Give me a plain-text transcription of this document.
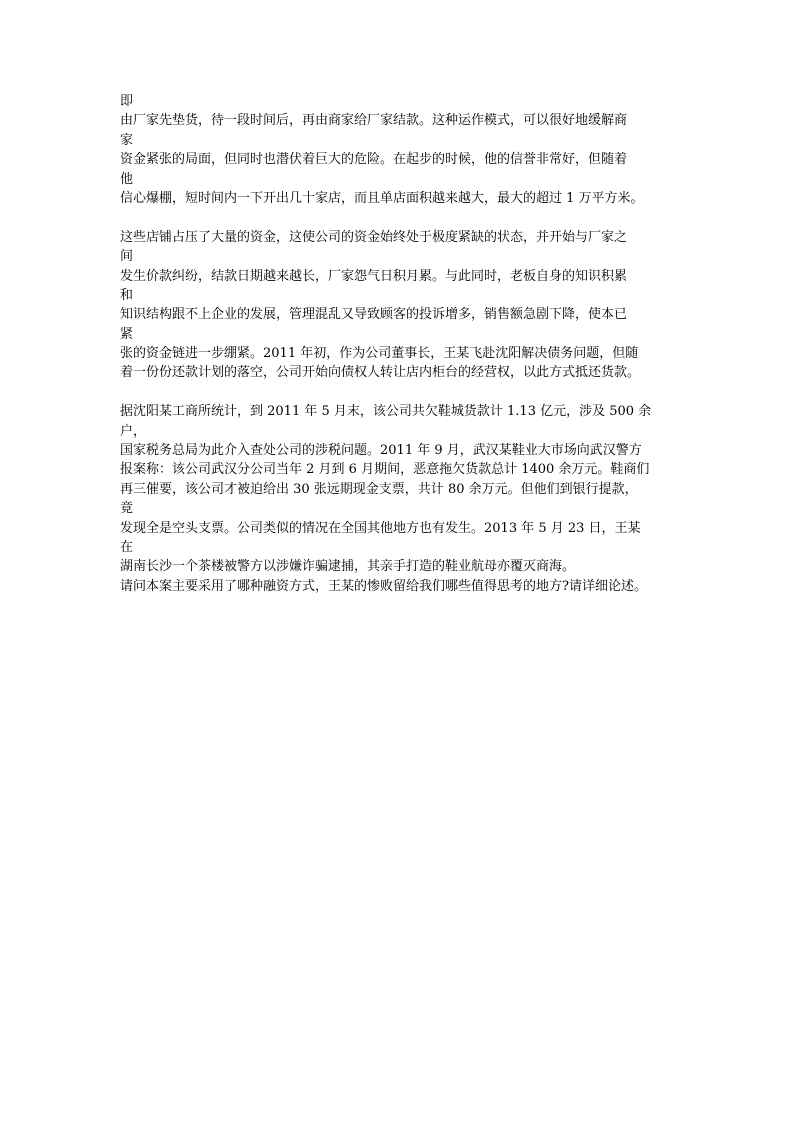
即
由厂家先垫货，待一段时间后，再由商家给厂家结款。这种运作模式，可以很好地缓解商
家
资金紧张的局面，但同时也潜伏着巨大的危险。在起步的时候，他的信誉非常好，但随着
他
信心爆棚，短时间内一下开出几十家店，而且单店面积越来越大，最大的超过 1 万平方米。
这些店铺占压了大量的资金，这使公司的资金始终处于极度紧缺的状态，并开始与厂家之
间
发生价款纠纷，结款日期越来越长，厂家怨气日积月累。与此同时，老板自身的知识积累
和
知识结构跟不上企业的发展，管理混乱又导致顾客的投诉增多，销售额急剧下降，使本已
紧
张的资金链进一步绷紧。2011 年初，作为公司董事长，王某飞赴沈阳解决债务问题，但随
着一份份还款计划的落空，公司开始向债权人转让店内柜台的经营权，以此方式抵还货款。
据沈阳某工商所统计，到 2011 年 5 月末，该公司共欠鞋城货款计 1.13 亿元，涉及 500 余
户，
国家税务总局为此介入查处公司的涉税问题。2011 年 9 月，武汉某鞋业大市场向武汉警方
报案称：该公司武汉分公司当年 2 月到 6 月期间，恶意拖欠货款总计 1400 余万元。鞋商们
再三催要，该公司才被迫给出 30 张远期现金支票，共计 80 余万元。但他们到银行提款，
竟
发现全是空头支票。公司类似的情况在全国其他地方也有发生。2013 年 5 月 23 日，王某
在
湖南长沙一个茶楼被警方以涉嫌诈骗逮捕，其亲手打造的鞋业航母亦覆灭商海。
请问本案主要采用了哪种融资方式，王某的惨败留给我们哪些值得思考的地方?请详细论述。
